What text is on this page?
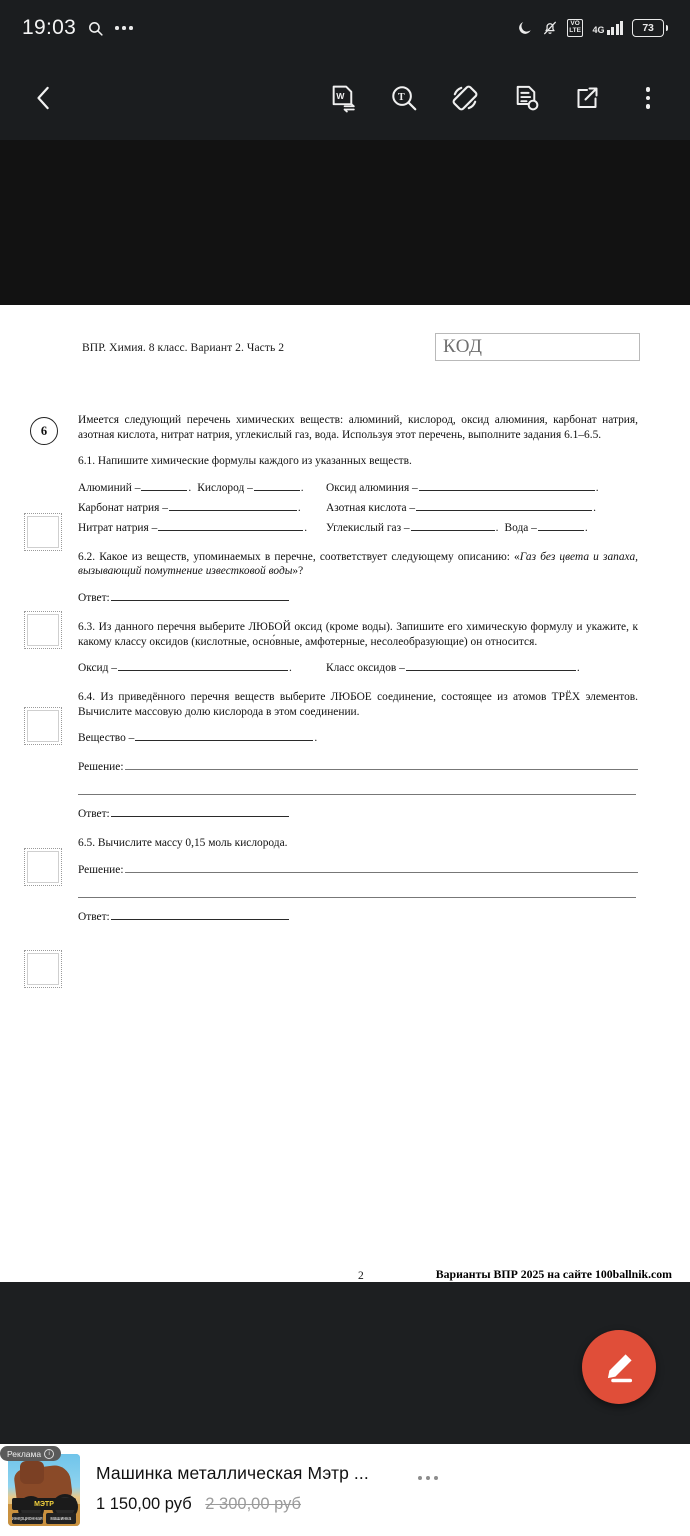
19:03	VO
LTE 4G	73
W	T
ВПР. Химия. 8 класс. Вариант 2. Часть 2	КОД
6

Имеется следующий перечень химических веществ: алюминий, кислород, оксид алюминия, карбонат натрия, азотная кислота, нитрат натрия, углекислый газ, вода. Используя этот перечень, выполните задания 6.1–6.5.

6.1. Напишите химические формулы каждого из указанных веществ.

Алюминий –	. Кислород –	. Оксид алюминия –	.
Карбонат натрия –	. Азотная кислота –	.
Нитрат натрия –	. Углекислый газ –	. Вода –	.

6.2. Какое из веществ, упоминаемых в перечне, соответствует следующему описанию: «Газ без цвета и запаха, вызывающий помутнение известковой воды»?

Ответ:

6.3. Из данного перечня выберите ЛЮБОЙ оксид (кроме воды). Запишите его химическую формулу и укажите, к какому классу оксидов (кислотные, осно́вные, амфотерные, несолеобразующие) он относится.

Оксид –	.	Класс оксидов –	.

6.4. Из приведённого перечня веществ выберите ЛЮБОЕ соединение, состоящее из атомов ТРЁХ элементов. Вычислите массовую долю кислорода в этом соединении.

Вещество –	.
Решение:
Ответ:

6.5. Вычислите массу 0,15 моль кислорода.

Решение:
Ответ:
2	Варианты ВПР 2025 на сайте 100ballnik.com
Реклама	i
МЭТР
инерционная	машинка
Машинка металлическая Мэтр ...
1 150,00 руб 2 300,00 руб
